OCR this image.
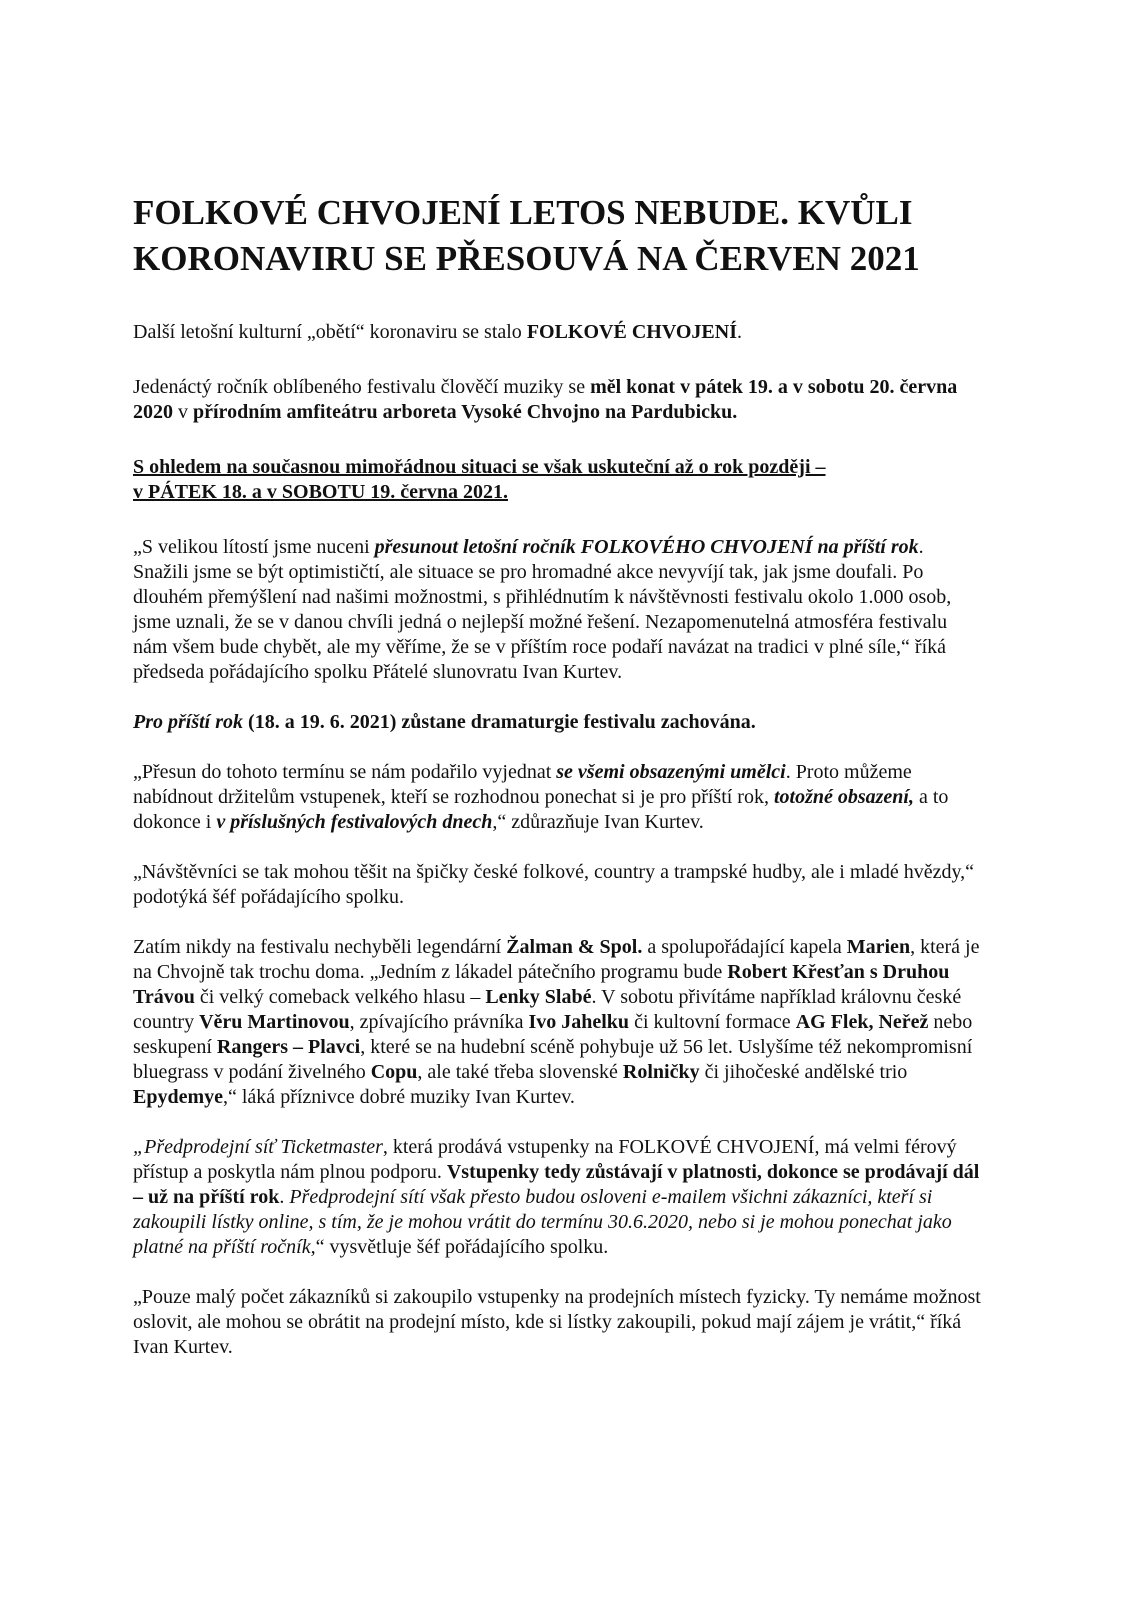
FOLKOVÉ CHVOJENÍ LETOS NEBUDE. KVŮLI
KORONAVIRU SE PŘESOUVÁ NA ČERVEN 2021

Další letošní kulturní „obětí“ koronaviru se stalo FOLKOVÉ CHVOJENÍ.

Jedenáctý ročník oblíbeného festivalu člověčí muziky se měl konat v pátek 19. a v sobotu 20. června 2020 v přírodním amfiteátru arboreta Vysoké Chvojno na Pardubicku.

S ohledem na současnou mimořádnou situaci se však uskuteční až o rok později –
v PÁTEK 18. a v SOBOTU 19. června 2021.

„S velikou lítostí jsme nuceni přesunout letošní ročník FOLKOVÉHO CHVOJENÍ na příští rok. Snažili jsme se být optimističtí, ale situace se pro hromadné akce nevyvíjí tak, jak jsme doufali. Po dlouhém přemýšlení nad našimi možnostmi, s přihlédnutím k návštěvnosti festivalu okolo 1.000 osob, jsme uznali, že se v danou chvíli jedná o nejlepší možné řešení. Nezapomenutelná atmosféra festivalu nám všem bude chybět, ale my věříme, že se v příštím roce podaří navázat na tradici v plné síle,“ říká předseda pořádajícího spolku Přátelé slunovratu Ivan Kurtev.

Pro příští rok (18. a 19. 6. 2021) zůstane dramaturgie festivalu zachována.

„Přesun do tohoto termínu se nám podařilo vyjednat se všemi obsazenými umělci. Proto můžeme nabídnout držitelům vstupenek, kteří se rozhodnou ponechat si je pro příští rok, totožné obsazení, a to dokonce i v příslušných festivalových dnech,“ zdůrazňuje Ivan Kurtev.

„Návštěvníci se tak mohou těšit na špičky české folkové, country a trampské hudby, ale i mladé hvězdy,“ podotýká šéf pořádajícího spolku.

Zatím nikdy na festivalu nechyběli legendární Žalman & Spol. a spolupořádající kapela Marien, která je na Chvojně tak trochu doma. „Jedním z lákadel pátečního programu bude Robert Křesťan s Druhou Trávou či velký comeback velkého hlasu – Lenky Slabé. V sobotu přivítáme například královnu české country Věru Martinovou, zpívajícího právníka Ivo Jahelku či kultovní formace AG Flek, Neřež nebo seskupení Rangers – Plavci, které se na hudební scéně pohybuje už 56 let. Uslyšíme též nekompromisní bluegrass v podání živelného Copu, ale také třeba slovenské Rolničky či jihočeské andělské trio Epydemye,“ láká příznivce dobré muziky Ivan Kurtev.

„Předprodejní síť Ticketmaster, která prodává vstupenky na FOLKOVÉ CHVOJENÍ, má velmi férový přístup a poskytla nám plnou podporu. Vstupenky tedy zůstávají v platnosti, dokonce se prodávají dál – už na příští rok. Předprodejní sítí však přesto budou osloveni e-mailem všichni zákazníci, kteří si zakoupili lístky online, s tím, že je mohou vrátit do termínu 30.6.2020, nebo si je mohou ponechat jako platné na příští ročník,“ vysvětluje šéf pořádajícího spolku.

„Pouze malý počet zákazníků si zakoupilo vstupenky na prodejních místech fyzicky. Ty nemáme možnost oslovit, ale mohou se obrátit na prodejní místo, kde si lístky zakoupili, pokud mají zájem je vrátit,“ říká Ivan Kurtev.
